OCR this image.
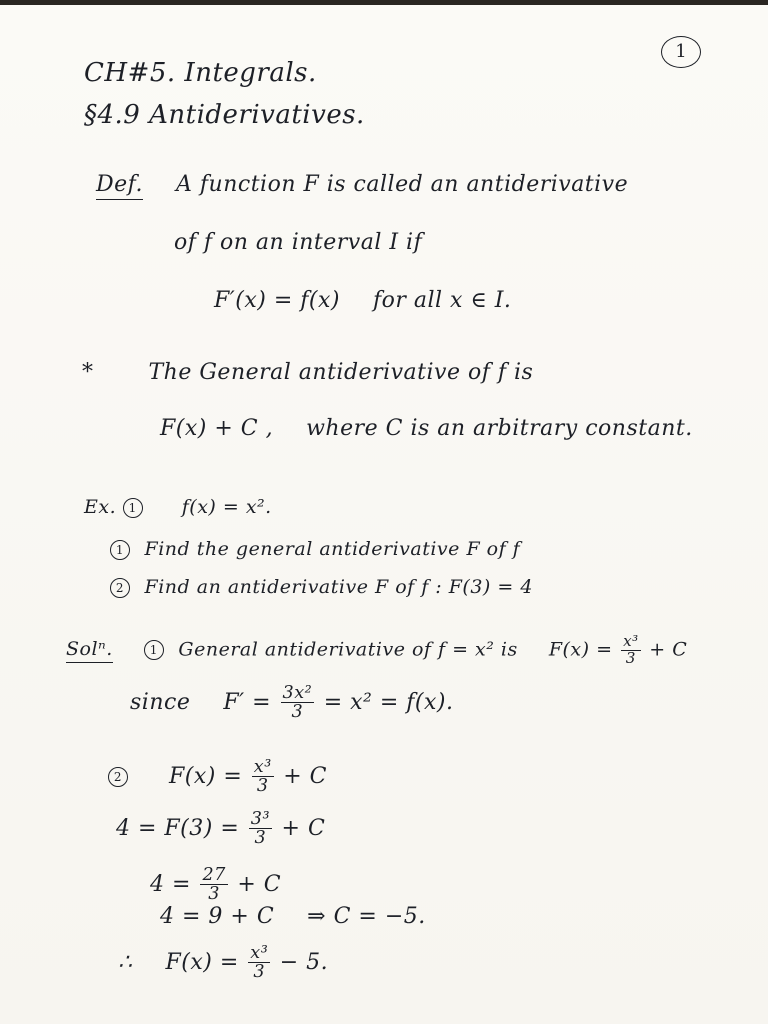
1
CH#5. Integrals.
§4.9 Antiderivatives.
Def. A function F is called an antiderivative
of f on an interval I if
F′(x) = f(x) for all x ∈ I.
*	The General antiderivative of f is
F(x) + C , where C is an arbitrary constant.
Ex. 1 f(x) = x².
1 Find the general antiderivative F of f
2 Find an antiderivative F of f : F(3) = 4
Solⁿ.	1 General antiderivative of f = x² is $F(x) = \frac{\text{x³}}{3} + C$
since $F' = \frac{\text{3x²}}{3} = x^2 = f(x)$.
2 $F(x) = \frac{\text{x³}}{3} + C$
$4 = F(3) = \frac{\text{3³}}{3} + C$
$4 = \frac{27}{3} + C$
4 = 9 + C ⇒ C = −5.
∴ $F(x) = \frac{\text{x³}}{3} - 5$.
